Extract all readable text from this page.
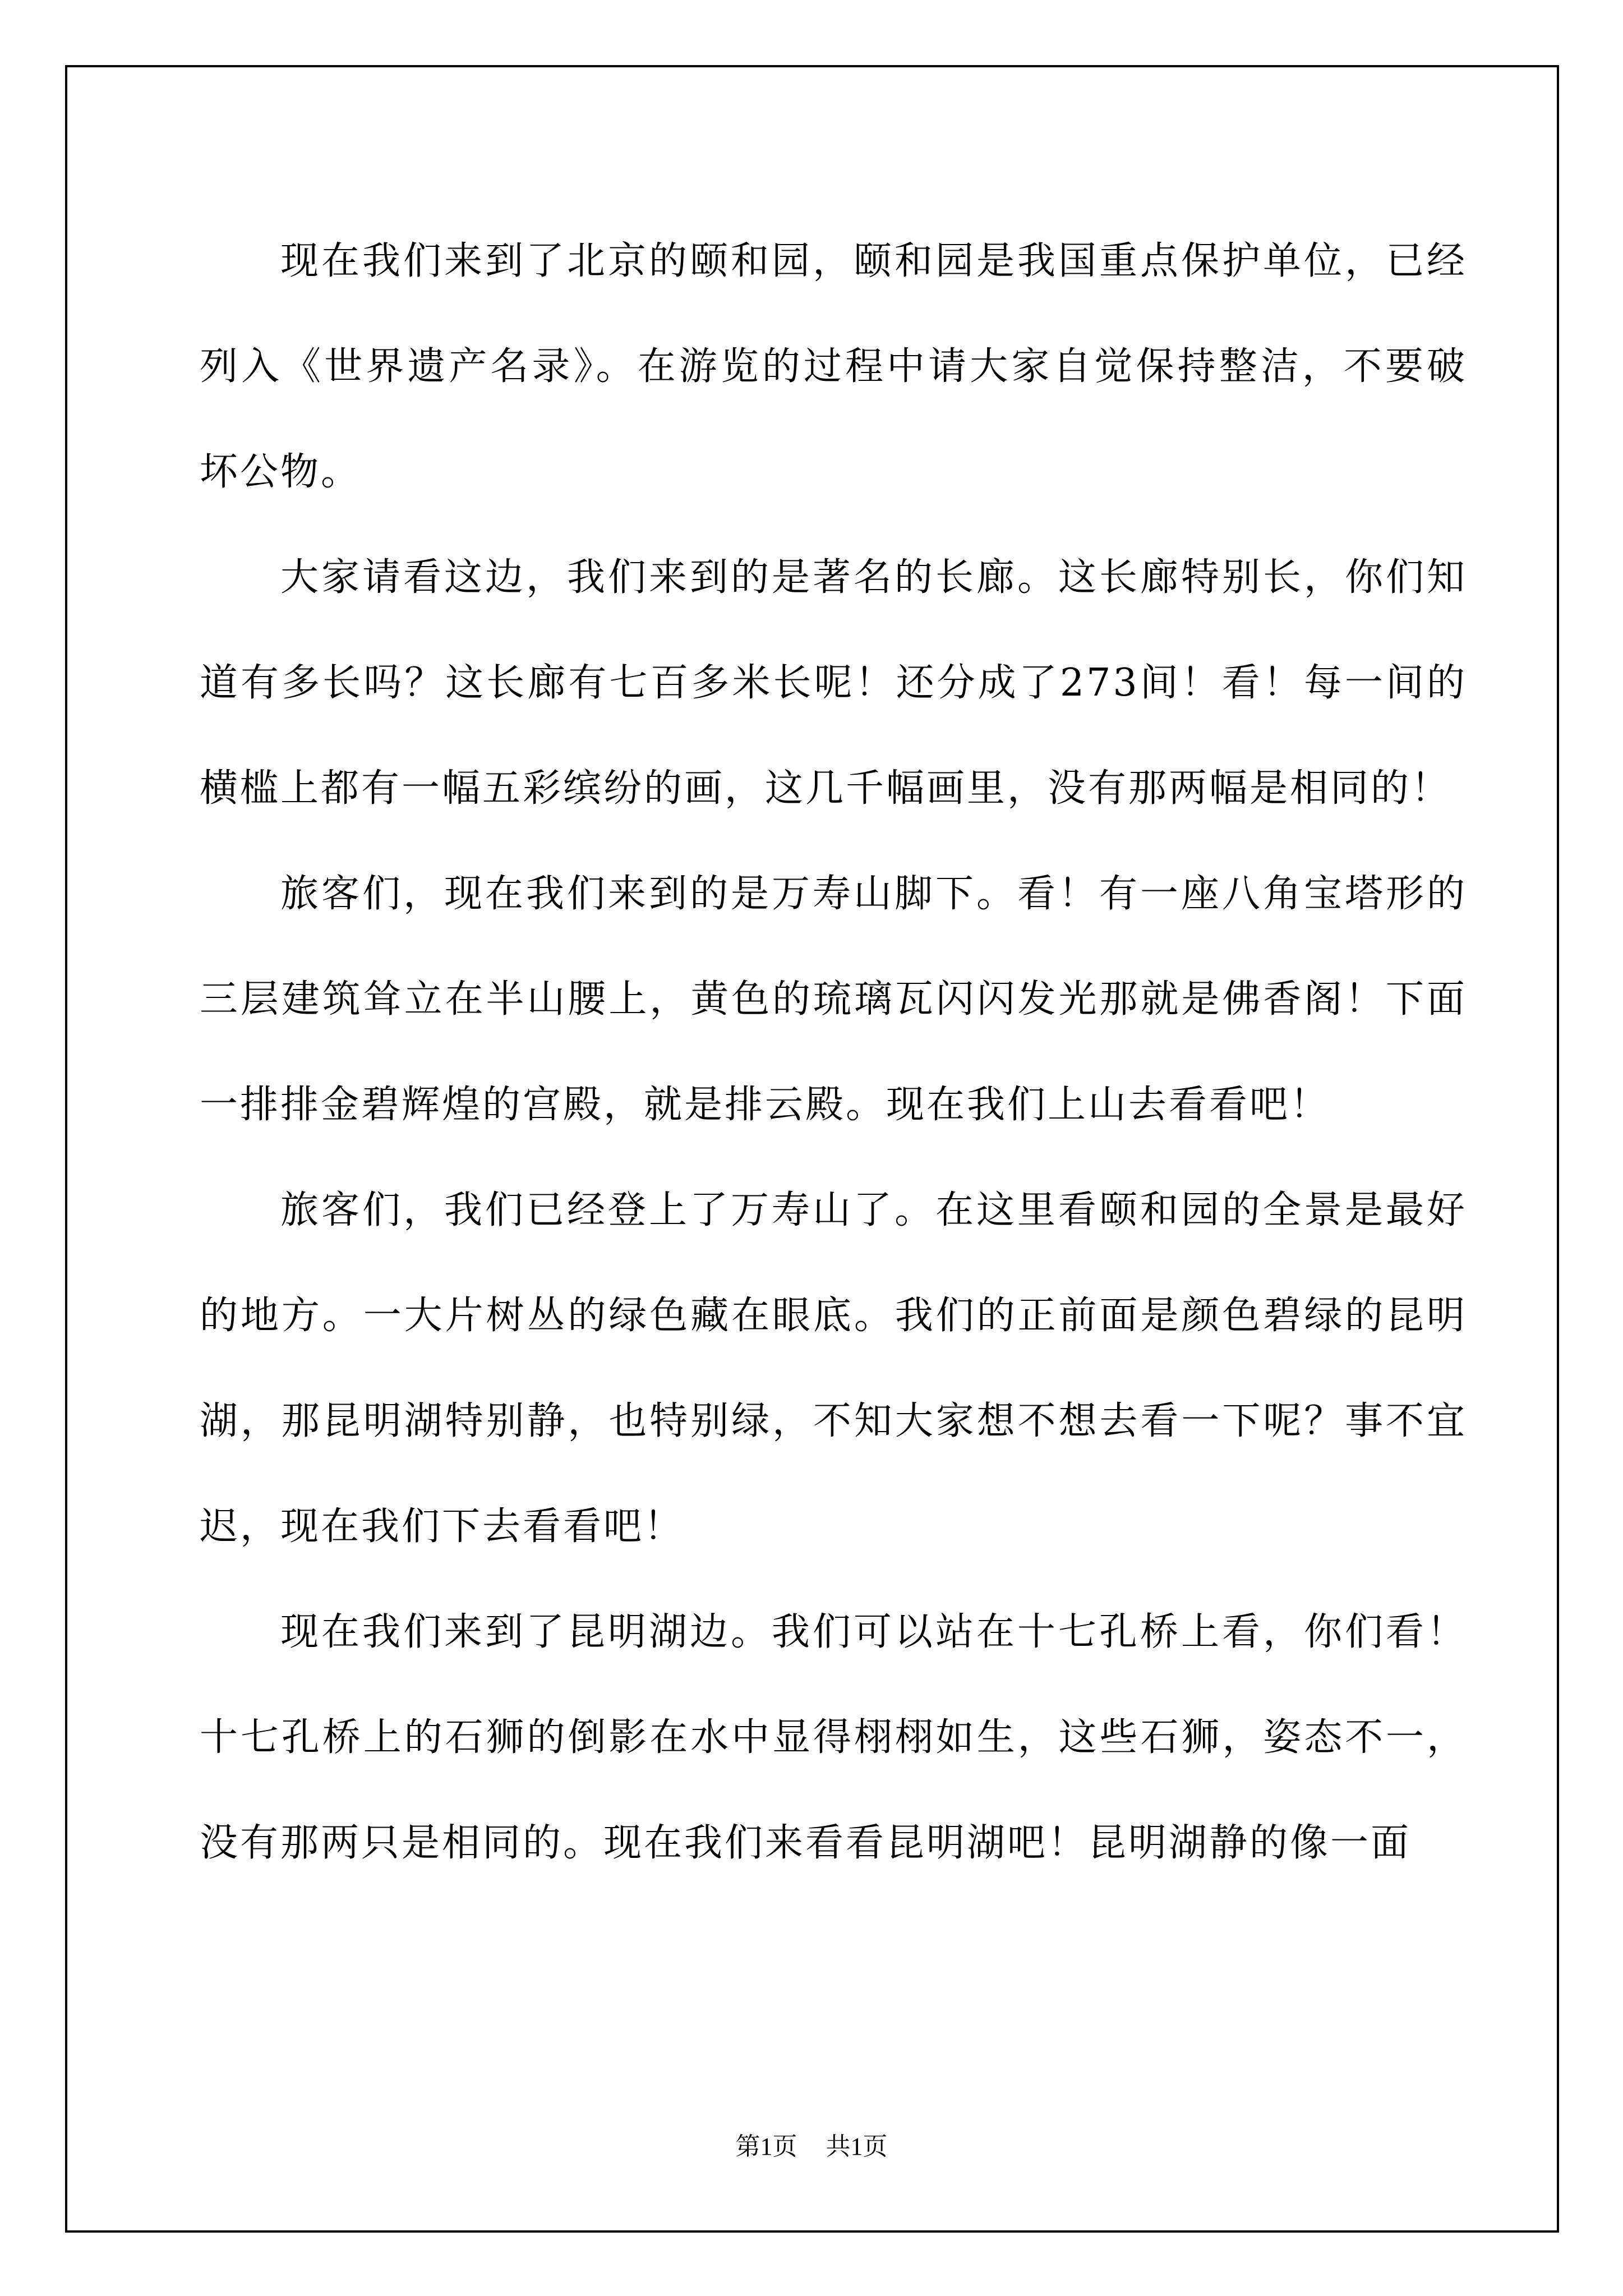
现在我们来到了北京的颐和园，颐和园是我国重点保护单位，已经列入《世界遗产名录》。在游览的过程中请大家自觉保持整洁，不要破坏公物。

大家请看这边，我们来到的是著名的长廊。这长廊特别长，你们知道有多长吗？这长廊有七百多米长呢！还分成了273间！看！每一间的横槛上都有一幅五彩缤纷的画，这几千幅画里，没有那两幅是相同的！

旅客们，现在我们来到的是万寿山脚下。看！有一座八角宝塔形的三层建筑耸立在半山腰上，黄色的琉璃瓦闪闪发光那就是佛香阁！下面一排排金碧辉煌的宫殿，就是排云殿。现在我们上山去看看吧！

旅客们，我们已经登上了万寿山了。在这里看颐和园的全景是最好的地方。一大片树丛的绿色藏在眼底。我们的正前面是颜色碧绿的昆明湖，那昆明湖特别静，也特别绿，不知大家想不想去看一下呢？事不宜迟，现在我们下去看看吧！

现在我们来到了昆明湖边。我们可以站在十七孔桥上看，你们看！十七孔桥上的石狮的倒影在水中显得栩栩如生，这些石狮，姿态不一，没有那两只是相同的。现在我们来看看昆明湖吧！昆明湖静的像一面

第1页 共1页
